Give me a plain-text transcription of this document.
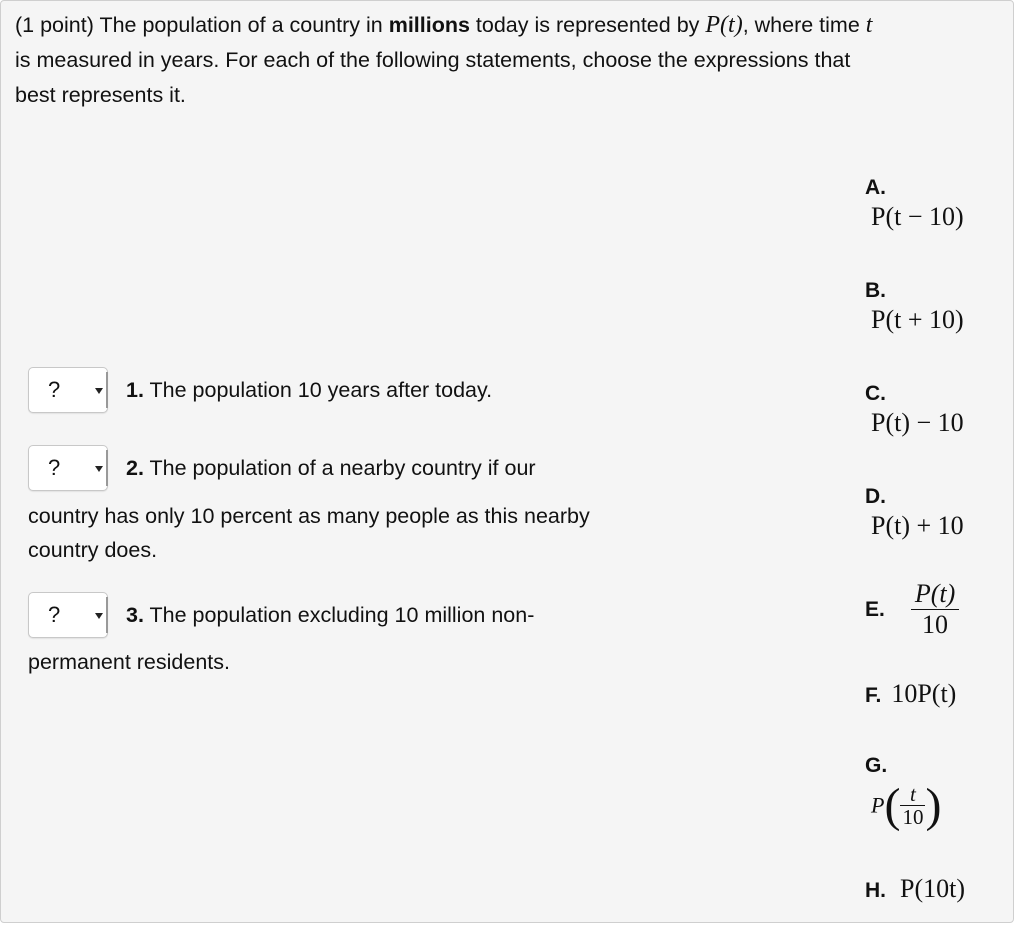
(1 point) The population of a country in millions today is represented by P(t), where time t
is measured in years. For each of the following statements, choose the expressions that
best represents it.
?	1. The population 10 years after today.
?	2. The population of a nearby country if our
country has only 10 percent as many people as this nearby
country does.
?	3. The population excluding 10 million non-
permanent residents.
A.
P(t − 10)
B.
P(t + 10)
C.
P(t) − 10
D.
P(t) + 10
E. $\frac{P(t)}{10}$
F. 10P(t)
G.
$P( \frac{t}{10}$ )
H. P(10t)
